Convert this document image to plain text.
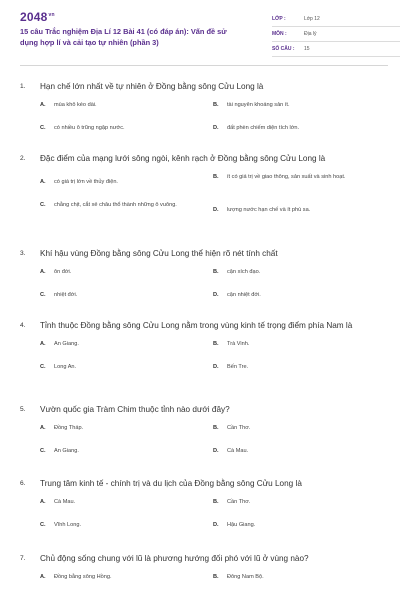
$2048^{vn}$
15 câu Trắc nghiệm Địa Lí 12 Bài 41 (có đáp án): Vấn đề sử dụng hợp lí và cải tạo tự nhiên (phần 3)
LỚP :	Lớp 12
MÔN :	Địa lý
SỐ CÂU :	15
1. Hạn chế lớn nhất về tự nhiên ở Đồng bằng sông Cửu Long là
A.	mùa khô kéo dài.	B.	tài nguyên khoáng sản ít.
C.	có nhiều ô trũng ngập nước.	D.	đất phèn chiếm diện tích lớn.
2. Đặc điểm của mạng lưới sông ngòi, kênh rạch ở Đồng bằng sông Cửu Long là
A.	có giá trị lớn về thủy điện.
B.	ít có giá trị về giao thông, sản xuất và sinh hoạt.
C.	chằng chịt, cắt xẻ châu thổ thành những ô vuông.
D.	lượng nước hạn chế và ít phù sa.
3. Khí hậu vùng Đồng bằng sông Cửu Long thể hiện rõ nét tính chất
A.	ôn đới.	B.	cận xích đạo.
C.	nhiệt đới.	D.	cận nhiệt đới.
4. Tỉnh thuộc Đồng bằng sông Cửu Long nằm trong vùng kinh tế trọng điểm phía Nam là
A.	An Giang.	B.	Trà Vinh.
C.	Long An.	D.	Bến Tre.
5. Vườn quốc gia Tràm Chim thuộc tỉnh nào dưới đây?
A.	Đồng Tháp.	B.	Cần Thơ.
C.	An Giang.	D.	Cà Mau.
6. Trung tâm kinh tế - chính trị và du lịch của Đồng bằng sông Cửu Long là
A.	Cà Mau.	B.	Cần Thơ.
C.	Vĩnh Long.	D.	Hậu Giang.
7. Chủ động sống chung với lũ là phương hướng đối phó với lũ ở vùng nào?
A.	Đồng bằng sông Hồng.	B.	Đông Nam Bộ.
